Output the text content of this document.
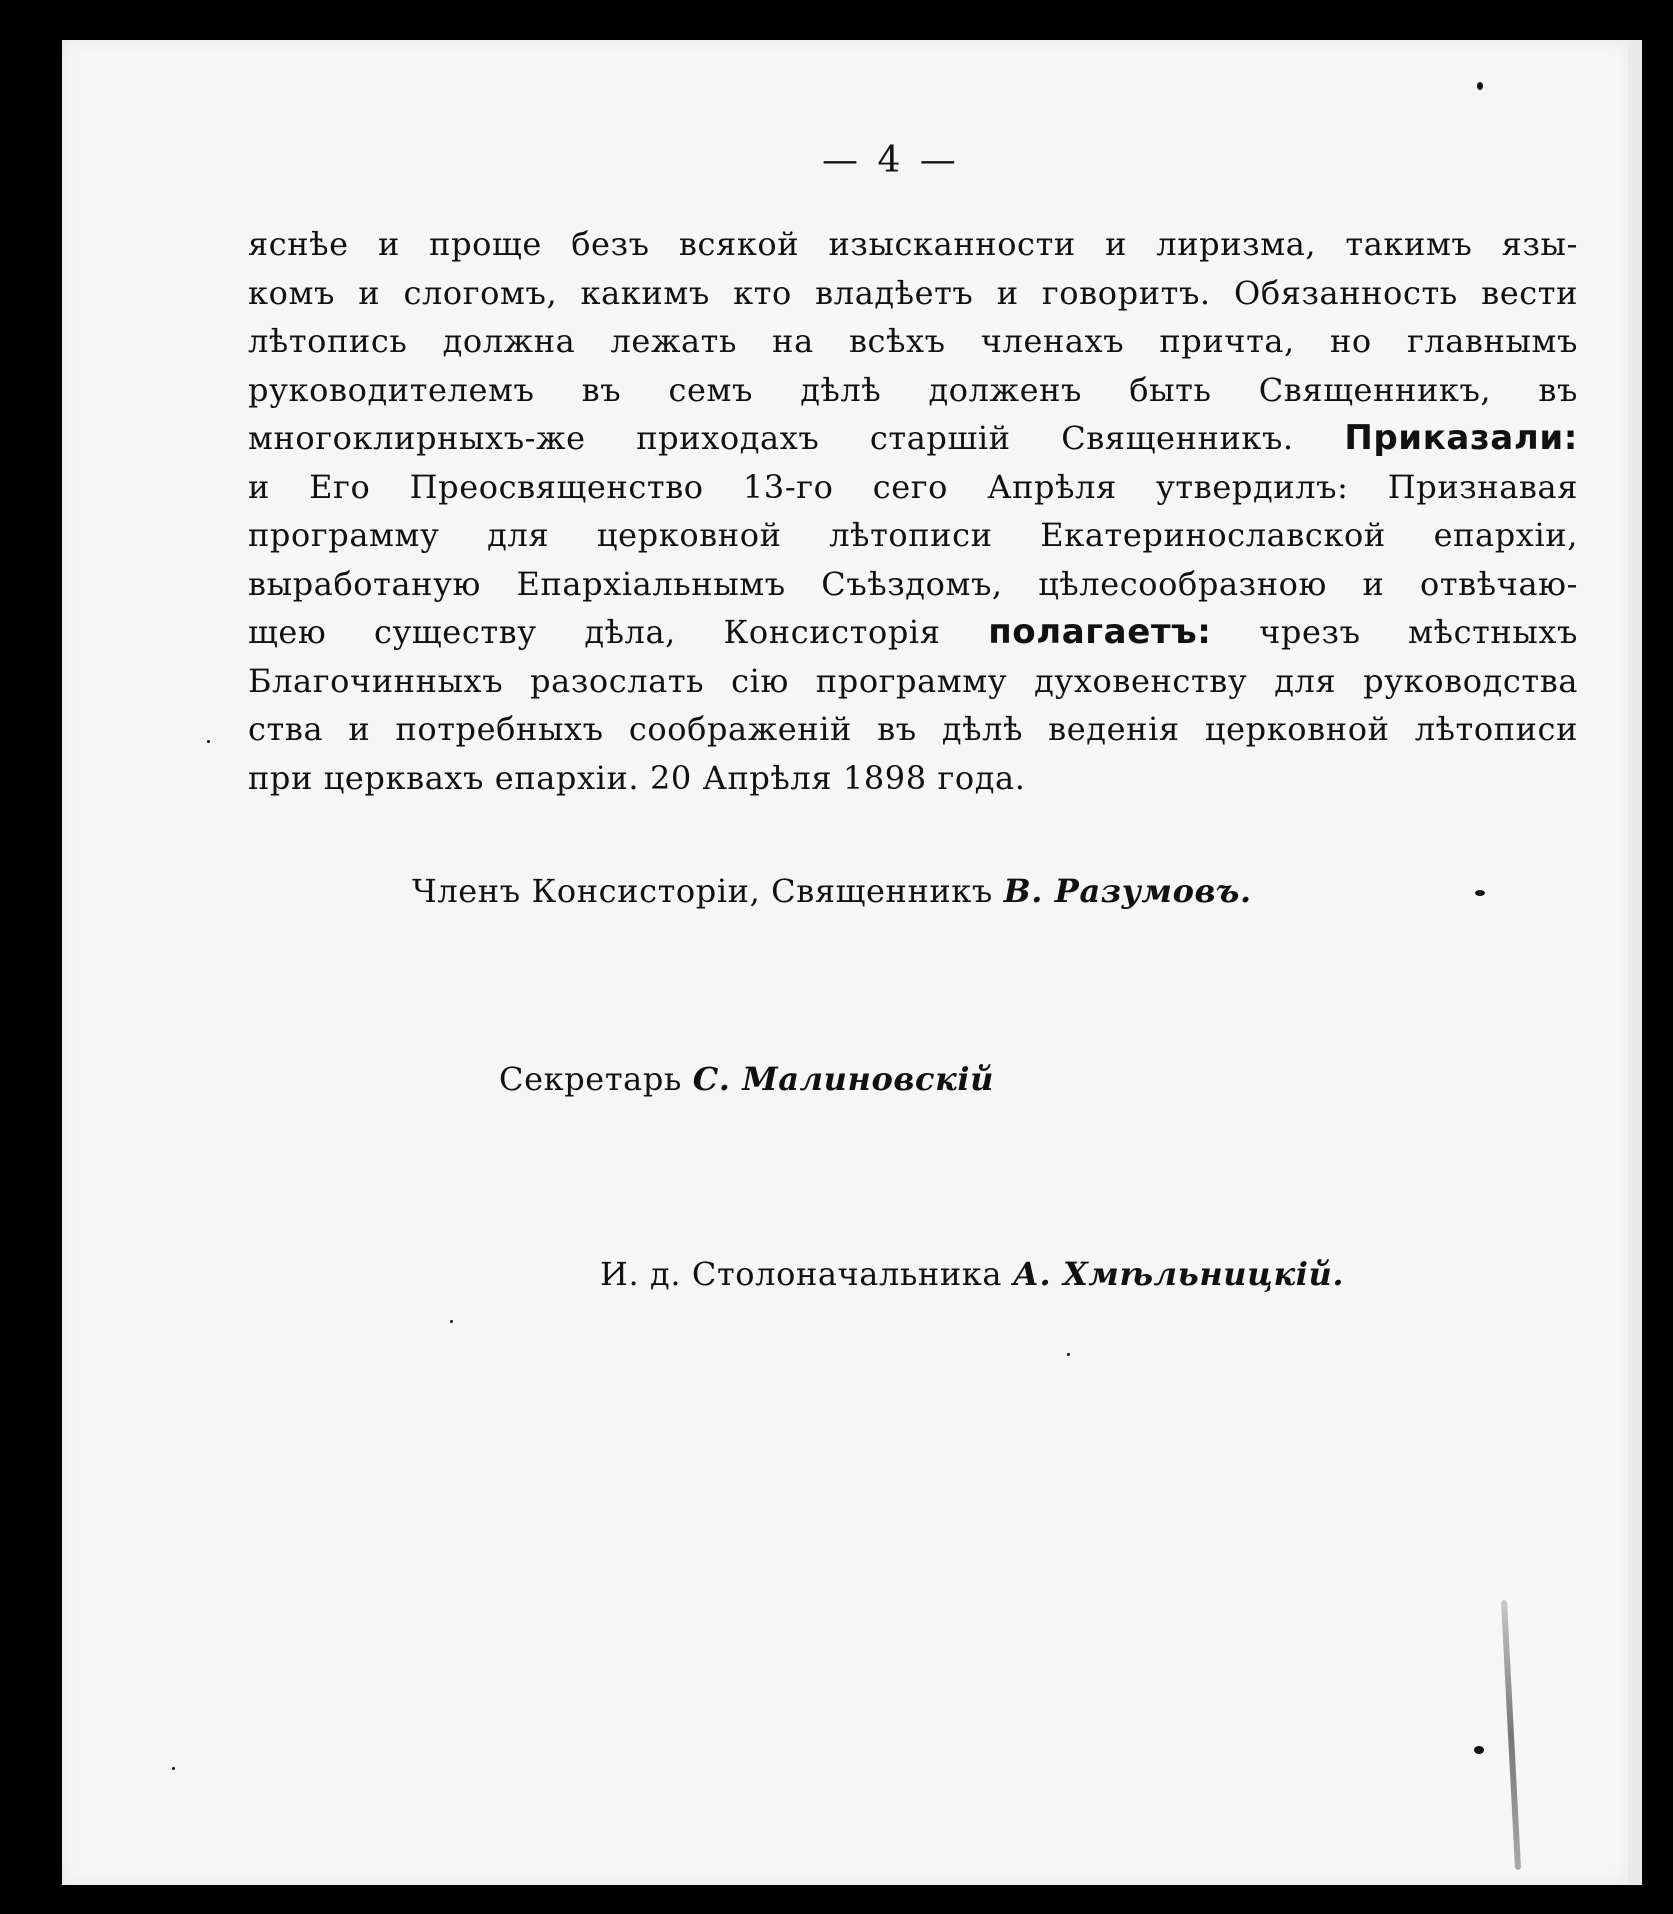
— 4 —
яснѣе и проще безъ всякой изысканности и лиризма, такимъ язы-
комъ и слогомъ, какимъ кто владѣетъ и говоритъ. Обязанность вести
лѣтопись должна лежать на всѣхъ членахъ причта, но главнымъ
руководителемъ въ семъ дѣлѣ долженъ быть Священникъ, въ
многоклирныхъ-же приходахъ старшій Священникъ. Приказали:
и Его Преосвященство 13-го сего Апрѣля утвердилъ: Признавая
программу для церковной лѣтописи Екатеринославской епархіи,
выработаную Епархіальнымъ Съѣздомъ, цѣлесообразною и отвѣчаю-
щею существу дѣла, Консисторія полагаетъ: чрезъ мѣстныхъ
Благочинныхъ разослать сію программу духовенству для руководства
ства и потребныхъ соображеній въ дѣлѣ веденія церковной лѣтописи
при церквахъ епархіи. 20 Апрѣля 1898 года.
Членъ Консисторіи, Священникъ В. Разумовъ.
Секретарь С. Малиновскій
И. д. Столоначальника А. Хмѣльницкій.
